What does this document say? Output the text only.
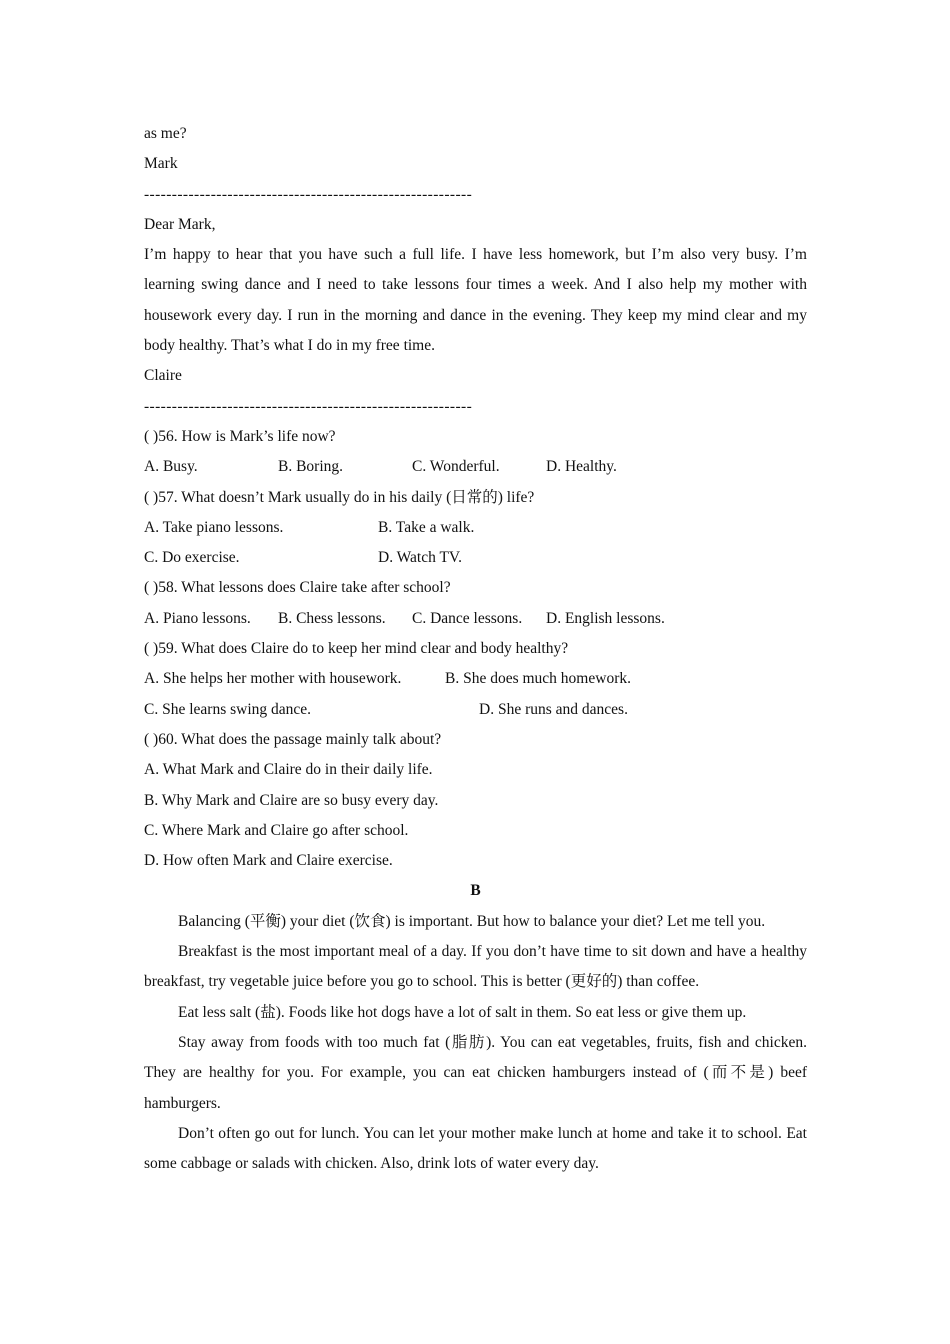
as me?
Mark
-----------------------------------------------------------
Dear Mark,
I’m happy to hear that you have such a full life. I have less homework, but I’m also very busy. I’m learning swing dance and I need to take lessons four times a week. And I also help my mother with housework every day. I run in the morning and dance in the evening. They keep my mind clear and my body healthy. That’s what I do in my free time.
Claire
-----------------------------------------------------------
( )56. How is Mark’s life now?
A. Busy.	B. Boring.	C. Wonderful.	D. Healthy.
( )57. What doesn’t Mark usually do in his daily (日常的) life?
A. Take piano lessons.	B. Take a walk.
C. Do exercise.	D. Watch TV.
( )58. What lessons does Claire take after school?
A. Piano lessons.	B. Chess lessons.	C. Dance lessons.	D. English lessons.
( )59. What does Claire do to keep her mind clear and body healthy?
A. She helps her mother with housework.	B. She does much homework.
C. She learns swing dance.	D. She runs and dances.
( )60. What does the passage mainly talk about?
A. What Mark and Claire do in their daily life.
B. Why Mark and Claire are so busy every day.
C. Where Mark and Claire go after school.
D. How often Mark and Claire exercise.
B
Balancing (平衡) your diet (饮食) is important. But how to balance your diet? Let me tell you.
Breakfast is the most important meal of a day. If you don’t have time to sit down and have a healthy breakfast, try vegetable juice before you go to school. This is better (更好的) than coffee.
Eat less salt (盐). Foods like hot dogs have a lot of salt in them. So eat less or give them up.
Stay away from foods with too much fat (脂肪). You can eat vegetables, fruits, fish and chicken. They are healthy for you. For example, you can eat chicken hamburgers instead of (而不是) beef hamburgers.
Don’t often go out for lunch. You can let your mother make lunch at home and take it to school. Eat some cabbage or salads with chicken. Also, drink lots of water every day.
